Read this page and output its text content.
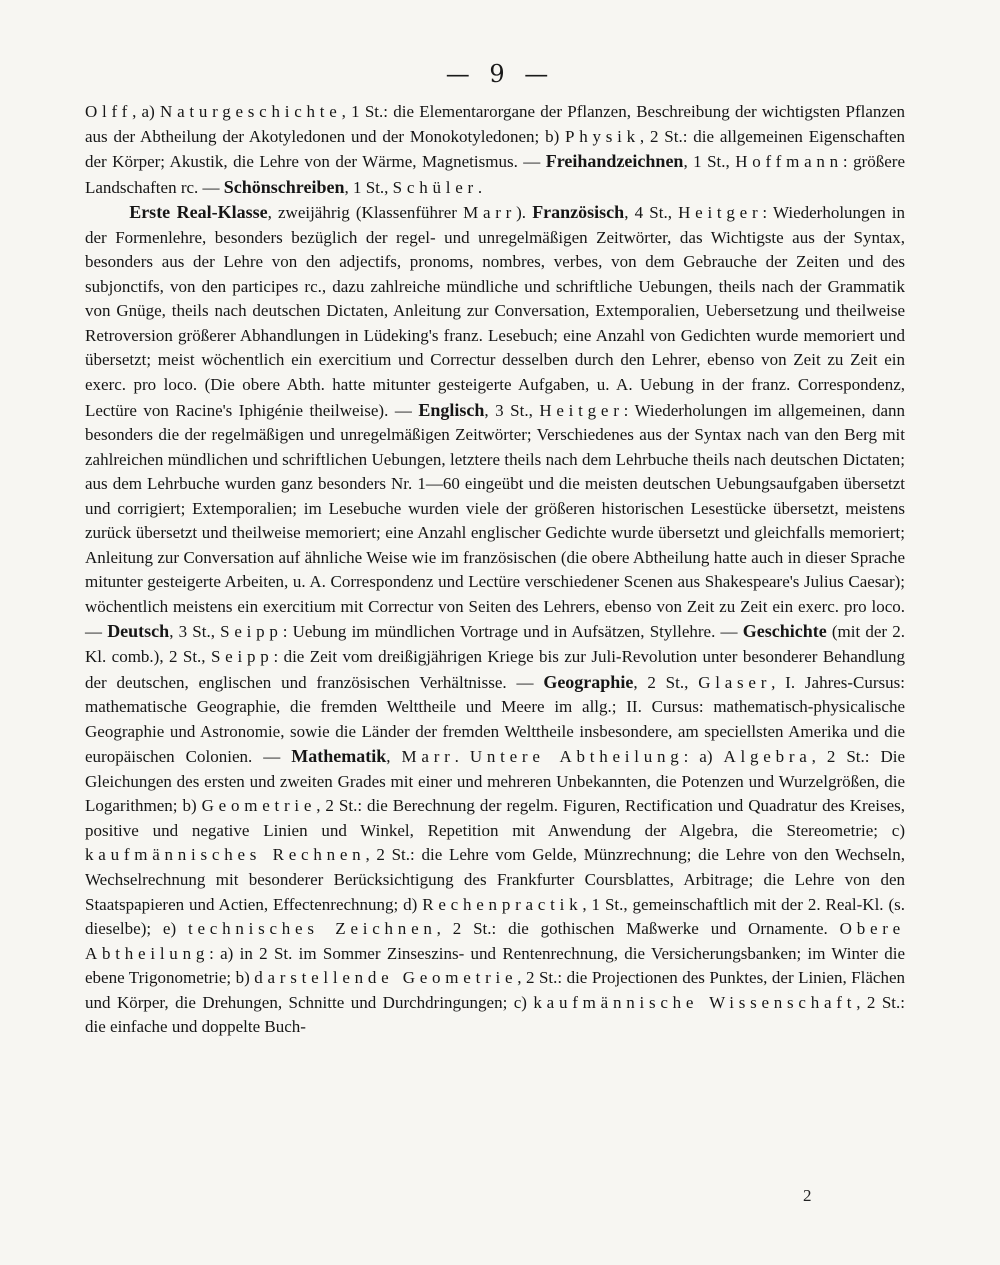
— 9 —

Olff, a) Naturgeschichte, 1 St.: die Elementarorgane der Pflanzen, Beschreibung der wichtigsten Pflanzen aus der Abtheilung der Akotyledonen und der Monokotyledonen; b) Physik, 2 St.: die allgemeinen Eigenschaften der Körper; Akustik, die Lehre von der Wärme, Magnetismus. — Freihandzeichnen, 1 St., Hoffmann: größere Landschaften rc. — Schönschreiben, 1 St., Schüler.

Erste Real-Klasse, zweijährig (Klassenführer Marr). Französisch, 4 St., Heitger: Wiederholungen in der Formenlehre, besonders bezüglich der regel- und unregelmäßigen Zeitwörter, das Wichtigste aus der Syntax, besonders aus der Lehre von den adjectifs, pronoms, nombres, verbes, von dem Gebrauche der Zeiten und des subjonctifs, von den participes rc., dazu zahlreiche mündliche und schriftliche Uebungen, theils nach der Grammatik von Gnüge, theils nach deutschen Dictaten, Anleitung zur Conversation, Extemporalien, Uebersetzung und theilweise Retroversion größerer Abhandlungen in Lüdeking's franz. Lesebuch; eine Anzahl von Gedichten wurde memoriert und übersetzt; meist wöchentlich ein exercitium und Correctur desselben durch den Lehrer, ebenso von Zeit zu Zeit ein exerc. pro loco. (Die obere Abth. hatte mitunter gesteigerte Aufgaben, u. A. Uebung in der franz. Correspondenz, Lectüre von Racine's Iphigénie theilweise). — Englisch, 3 St., Heitger: Wiederholungen im allgemeinen, dann besonders die der regelmäßigen und unregelmäßigen Zeitwörter; Verschiedenes aus der Syntax nach van den Berg mit zahlreichen mündlichen und schriftlichen Uebungen, letztere theils nach dem Lehrbuche theils nach deutschen Dictaten; aus dem Lehrbuche wurden ganz besonders Nr. 1—60 eingeübt und die meisten deutschen Uebungsaufgaben übersetzt und corrigiert; Extemporalien; im Lesebuche wurden viele der größeren historischen Lesestücke übersetzt, meistens zurück übersetzt und theilweise memoriert; eine Anzahl englischer Gedichte wurde übersetzt und gleichfalls memoriert; Anleitung zur Conversation auf ähnliche Weise wie im französischen (die obere Abtheilung hatte auch in dieser Sprache mitunter gesteigerte Arbeiten, u. A. Correspondenz und Lectüre verschiedener Scenen aus Shakespeare's Julius Caesar); wöchentlich meistens ein exercitium mit Correctur von Seiten des Lehrers, ebenso von Zeit zu Zeit ein exerc. pro loco. — Deutsch, 3 St., Seipp: Uebung im mündlichen Vortrage und in Aufsätzen, Styllehre. — Geschichte (mit der 2. Kl. comb.), 2 St., Seipp: die Zeit vom dreißigjährigen Kriege bis zur Juli-Revolution unter besonderer Behandlung der deutschen, englischen und französischen Verhältnisse. — Geographie, 2 St., Glaser, I. Jahres-Cursus: mathematische Geographie, die fremden Welttheile und Meere im allg.; II. Cursus: mathematisch-physicalische Geographie und Astronomie, sowie die Länder der fremden Welttheile insbesondere, am speciellsten Amerika und die europäischen Colonien. — Mathematik, Marr. Untere Abtheilung: a) Algebra, 2 St.: Die Gleichungen des ersten und zweiten Grades mit einer und mehreren Unbekannten, die Potenzen und Wurzelgrößen, die Logarithmen; b) Geometrie, 2 St.: die Berechnung der regelm. Figuren, Rectification und Quadratur des Kreises, positive und negative Linien und Winkel, Repetition mit Anwendung der Algebra, die Stereometrie; c) kaufmännisches Rechnen, 2 St.: die Lehre vom Gelde, Münzrechnung; die Lehre von den Wechseln, Wechselrechnung mit besonderer Berücksichtigung des Frankfurter Coursblattes, Arbitrage; die Lehre von den Staatspapieren und Actien, Effectenrechnung; d) Rechenpractik, 1 St., gemeinschaftlich mit der 2. Real-Kl. (s. dieselbe); e) technisches Zeichnen, 2 St.: die gothischen Maßwerke und Ornamente. Obere Abtheilung: a) in 2 St. im Sommer Zinseszins- und Rentenrechnung, die Versicherungsbanken; im Winter die ebene Trigonometrie; b) darstellende Geometrie, 2 St.: die Projectionen des Punktes, der Linien, Flächen und Körper, die Drehungen, Schnitte und Durchdringungen; c) kaufmännische Wissenschaft, 2 St.: die einfache und doppelte Buch-

2
